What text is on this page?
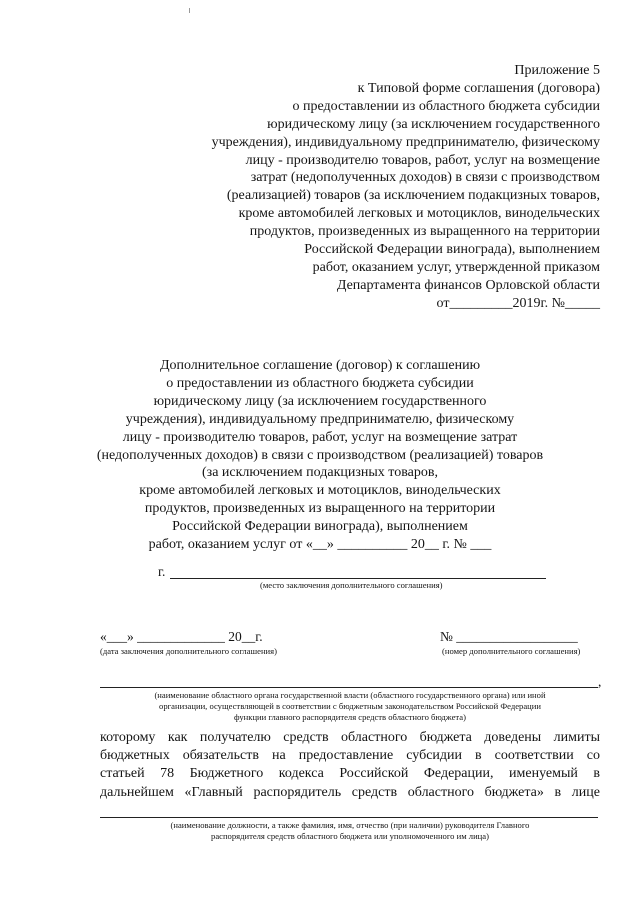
Приложение 5
к Типовой форме соглашения (договора)
о предоставлении из областного бюджета субсидии
юридическому лицу (за исключением государственного
учреждения), индивидуальному предпринимателю, физическому
лицу - производителю товаров, работ, услуг на возмещение
затрат (недополученных доходов) в связи с производством
(реализацией) товаров (за исключением подакцизных товаров,
кроме автомобилей легковых и мотоциклов, винодельческих
продуктов, произведенных из выращенного на территории
Российской Федерации винограда), выполнением
работ, оказанием услуг, утвержденной приказом
Департамента финансов Орловской области
от_________2019г. №_____
Дополнительное соглашение (договор) к соглашению
о предоставлении из областного бюджета субсидии
юридическому лицу (за исключением государственного
учреждения), индивидуальному предпринимателю, физическому
лицу - производителю товаров, работ, услуг на возмещение затрат
(недополученных доходов) в связи с производством (реализацией) товаров
(за исключением подакцизных товаров,
кроме автомобилей легковых и мотоциклов, винодельческих
продуктов, произведенных из выращенного на территории
Российской Федерации винограда), выполнением
работ, оказанием услуг от «__» __________ 20__ г. № ___
г.
(место заключения дополнительного соглашения)
«___» _____________ 20__г.
(дата заключения дополнительного соглашения)
№ __________________
(номер дополнительного соглашения)
,
(наименование областного органа государственной власти (областного государственного органа) или иной
организации, осуществляющей в соответствии с бюджетным законодательством Российской Федерации
функции главного распорядителя средств областного бюджета)
которому как получателю средств областного бюджета доведены лимиты
бюджетных обязательств на предоставление субсидии в соответствии со
статьей 78 Бюджетного кодекса Российской Федерации, именуемый в
дальнейшем «Главный распорядитель средств областного бюджета» в лице
(наименование должности, а также фамилия, имя, отчество (при наличии) руководителя Главного
распорядителя средств областного бюджета или уполномоченного им лица)
